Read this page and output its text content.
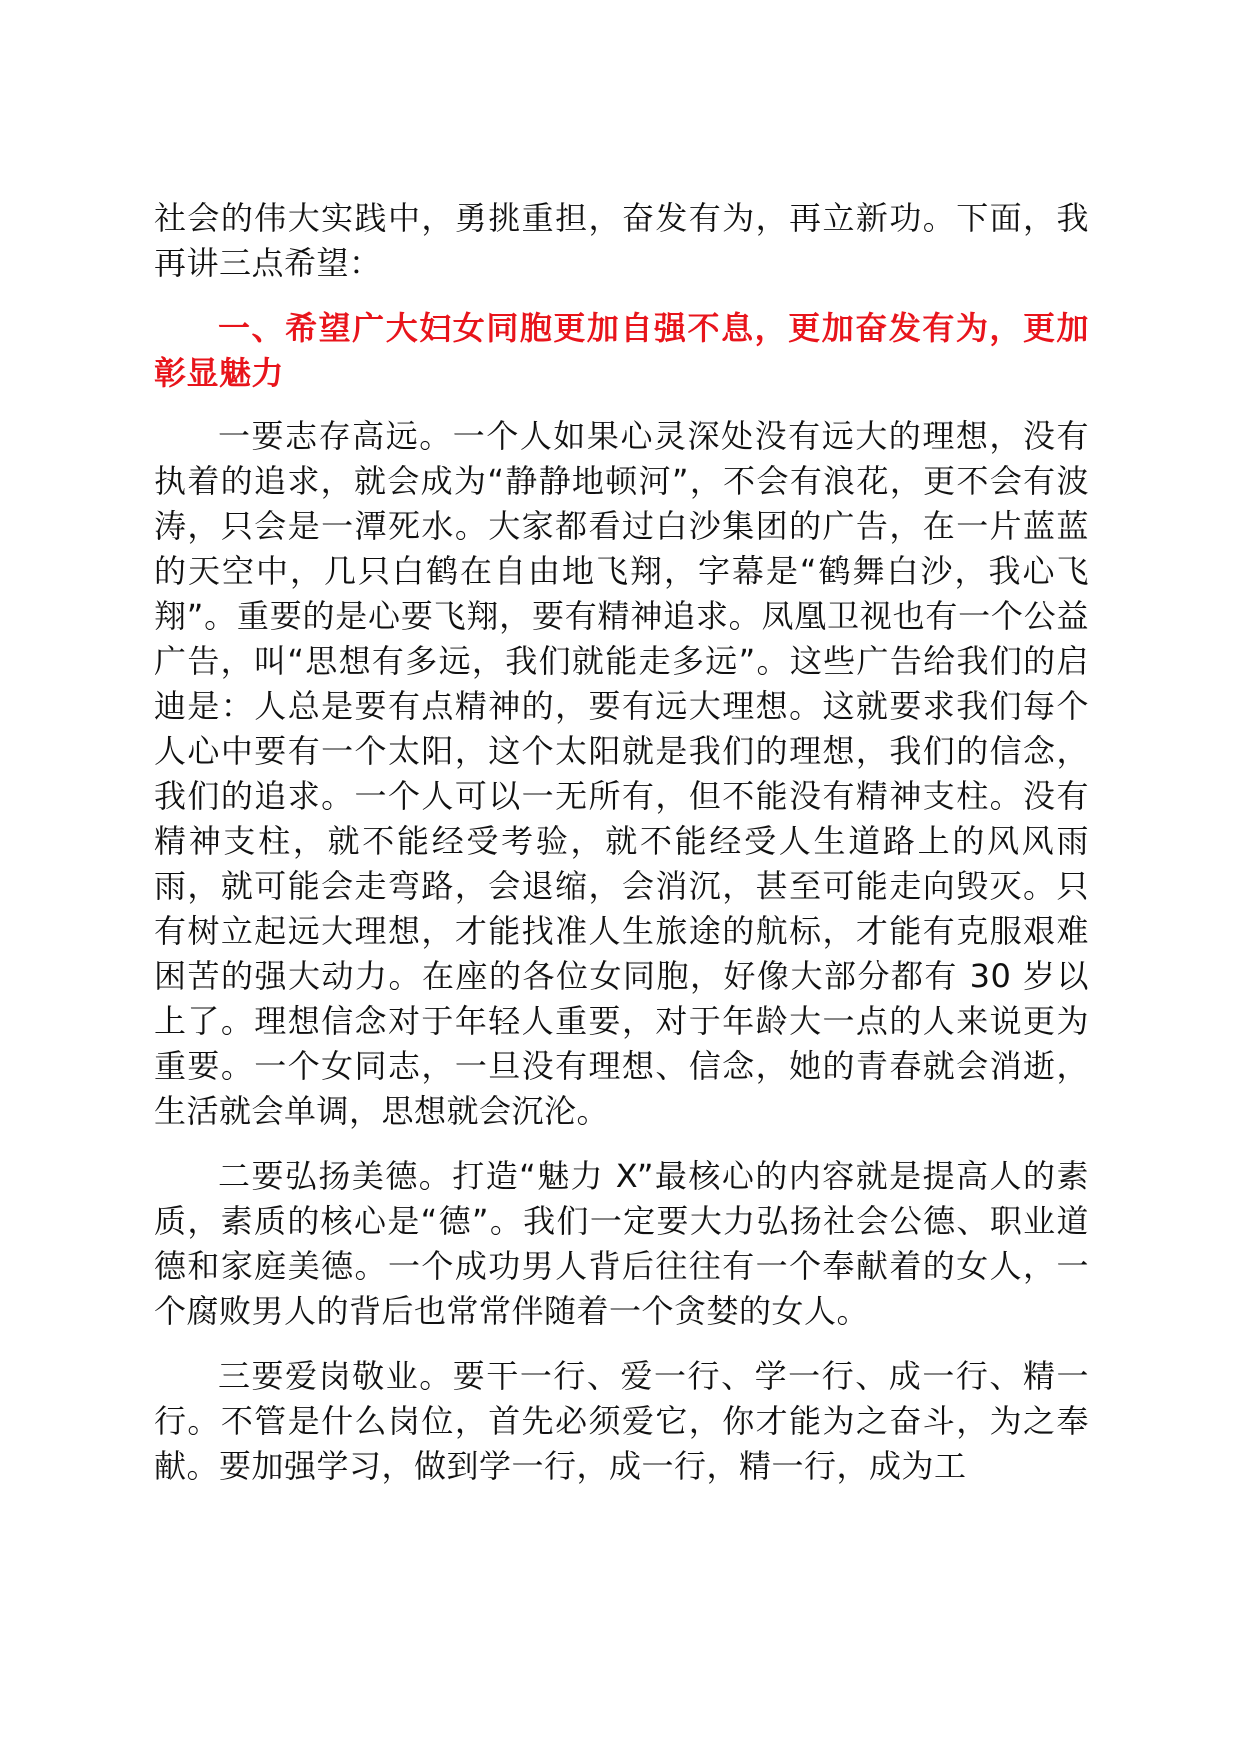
社会的伟大实践中，勇挑重担，奋发有为，再立新功。下面，我再讲三点希望：

一、希望广大妇女同胞更加自强不息，更加奋发有为，更加彰显魅力

一要志存高远。一个人如果心灵深处没有远大的理想，没有执着的追求，就会成为“静静地顿河”，不会有浪花，更不会有波涛，只会是一潭死水。大家都看过白沙集团的广告，在一片蓝蓝的天空中，几只白鹤在自由地飞翔，字幕是“鹤舞白沙，我心飞翔”。重要的是心要飞翔，要有精神追求。凤凰卫视也有一个公益广告，叫“思想有多远，我们就能走多远”。这些广告给我们的启迪是：人总是要有点精神的，要有远大理想。这就要求我们每个人心中要有一个太阳，这个太阳就是我们的理想，我们的信念，我们的追求。一个人可以一无所有，但不能没有精神支柱。没有精神支柱，就不能经受考验，就不能经受人生道路上的风风雨雨，就可能会走弯路，会退缩，会消沉，甚至可能走向毁灭。只有树立起远大理想，才能找准人生旅途的航标，才能有克服艰难困苦的强大动力。在座的各位女同胞，好像大部分都有 30 岁以上了。理想信念对于年轻人重要，对于年龄大一点的人来说更为重要。一个女同志，一旦没有理想、信念，她的青春就会消逝，生活就会单调，思想就会沉沦。

二要弘扬美德。打造“魅力 X”最核心的内容就是提高人的素质，素质的核心是“德”。我们一定要大力弘扬社会公德、职业道德和家庭美德。一个成功男人背后往往有一个奉献着的女人，一个腐败男人的背后也常常伴随着一个贪婪的女人。

三要爱岗敬业。要干一行、爱一行、学一行、成一行、精一行。不管是什么岗位，首先必须爱它，你才能为之奋斗，为之奉献。要加强学习，做到学一行，成一行，精一行，成为工
